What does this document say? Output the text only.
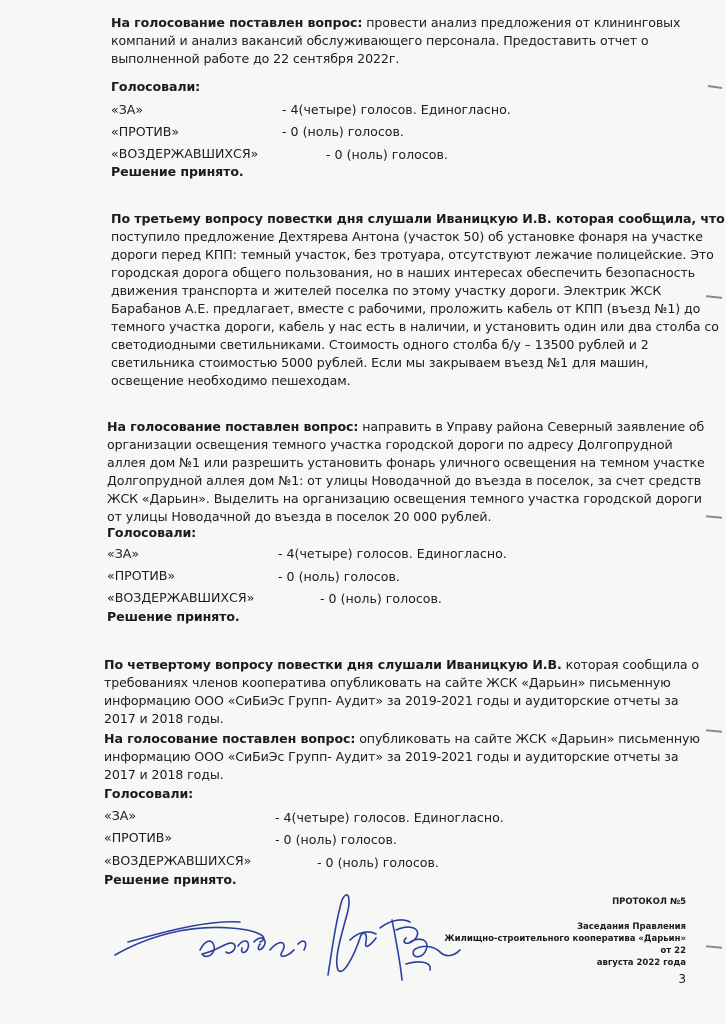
На голосование поставлен вопрос: провести анализ предложения от клининговых
компаний и анализ вакансий обслуживающего персонала. Предоставить отчет о
выполненной работе до 22 сентября 2022г.
Голосовали:
«ЗА»	- 4(четыре) голосов. Единогласно.
«ПРОТИВ»	- 0 (ноль) голосов.
«ВОЗДЕРЖАВШИХСЯ»	- 0 (ноль) голосов.
Решение принято.
По третьему вопросу повестки дня слушали Иваницкую И.В. которая сообщила, что
поступило предложение Дехтярева Антона (участок 50) об установке фонаря на участке
дороги перед КПП: темный участок, без тротуара, отсутствуют лежачие полицейские. Это
городская дорога общего пользования, но в наших интересах обеспечить безопасность
движения транспорта и жителей поселка по этому участку дороги. Электрик ЖСК
Барабанов А.Е. предлагает, вместе с рабочими, проложить кабель от КПП (въезд №1) до
темного участка дороги, кабель у нас есть в наличии, и установить один или два столба со
светодиодными светильниками. Стоимость одного столба б/у – 13500 рублей и 2
светильника стоимостью 5000 рублей. Если мы закрываем въезд №1 для машин,
освещение необходимо пешеходам.
На голосование поставлен вопрос: направить в Управу района Северный заявление об
организации освещения темного участка городской дороги по адресу Долгопрудной
аллея дом №1 или разрешить установить фонарь уличного освещения на темном участке
Долгопрудной аллея дом №1: от улицы Новодачной до въезда в поселок, за счет средств
ЖСК «Дарьин». Выделить на организацию освещения темного участка городской дороги
от улицы Новодачной до въезда в поселок 20 000 рублей.
Голосовали:
«ЗА»	- 4(четыре) голосов. Единогласно.
«ПРОТИВ»	- 0 (ноль) голосов.
«ВОЗДЕРЖАВШИХСЯ»	- 0 (ноль) голосов.
Решение принято.
По четвертому вопросу повестки дня слушали Иваницкую И.В. которая сообщила о
требованиях членов кооператива опубликовать на сайте ЖСК «Дарьин» письменную
информацию ООО «СиБиЭс Групп- Аудит» за 2019-2021 годы и аудиторские отчеты за
2017 и 2018 годы.
На голосование поставлен вопрос: опубликовать на сайте ЖСК «Дарьин» письменную
информацию ООО «СиБиЭс Групп- Аудит» за 2019-2021 годы и аудиторские отчеты за
2017 и 2018 годы.
Голосовали:
«ЗА»	- 4(четыре) голосов. Единогласно.
«ПРОТИВ»	- 0 (ноль) голосов.
«ВОЗДЕРЖАВШИХСЯ»	- 0 (ноль) голосов.
Решение принято.
ПРОТОКОЛ №5
Заседания Правления
Жилищно-строительного кооператива «Дарьин»
от 22
августа 2022 года
3
